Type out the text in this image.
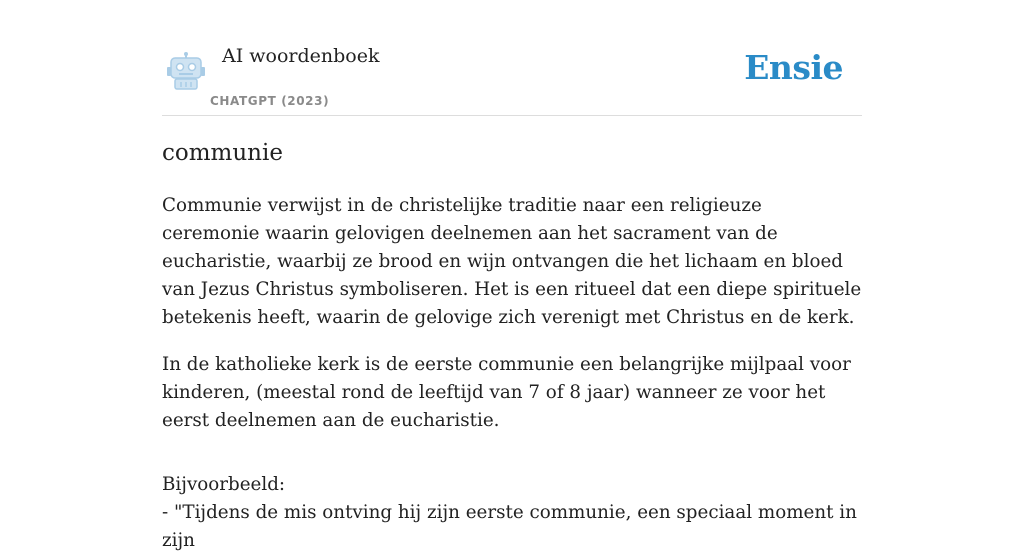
AI woordenboek
CHATGPT (2023)
Ensie
communie

Communie verwijst in de christelijke traditie naar een religieuze ceremonie waarin gelovigen deelnemen aan het sacrament van de eucharistie, waarbij ze brood en wijn ontvangen die het lichaam en bloed van Jezus Christus symboliseren. Het is een ritueel dat een diepe spirituele betekenis heeft, waarin de gelovige zich verenigt met Christus en de kerk.

In de katholieke kerk is de eerste communie een belangrijke mijlpaal voor kinderen, (meestal rond de leeftijd van 7 of 8 jaar) wanneer ze voor het eerst deelnemen aan de eucharistie.

Bijvoorbeeld:
- "Tijdens de mis ontving hij zijn eerste communie, een speciaal moment in zijn
